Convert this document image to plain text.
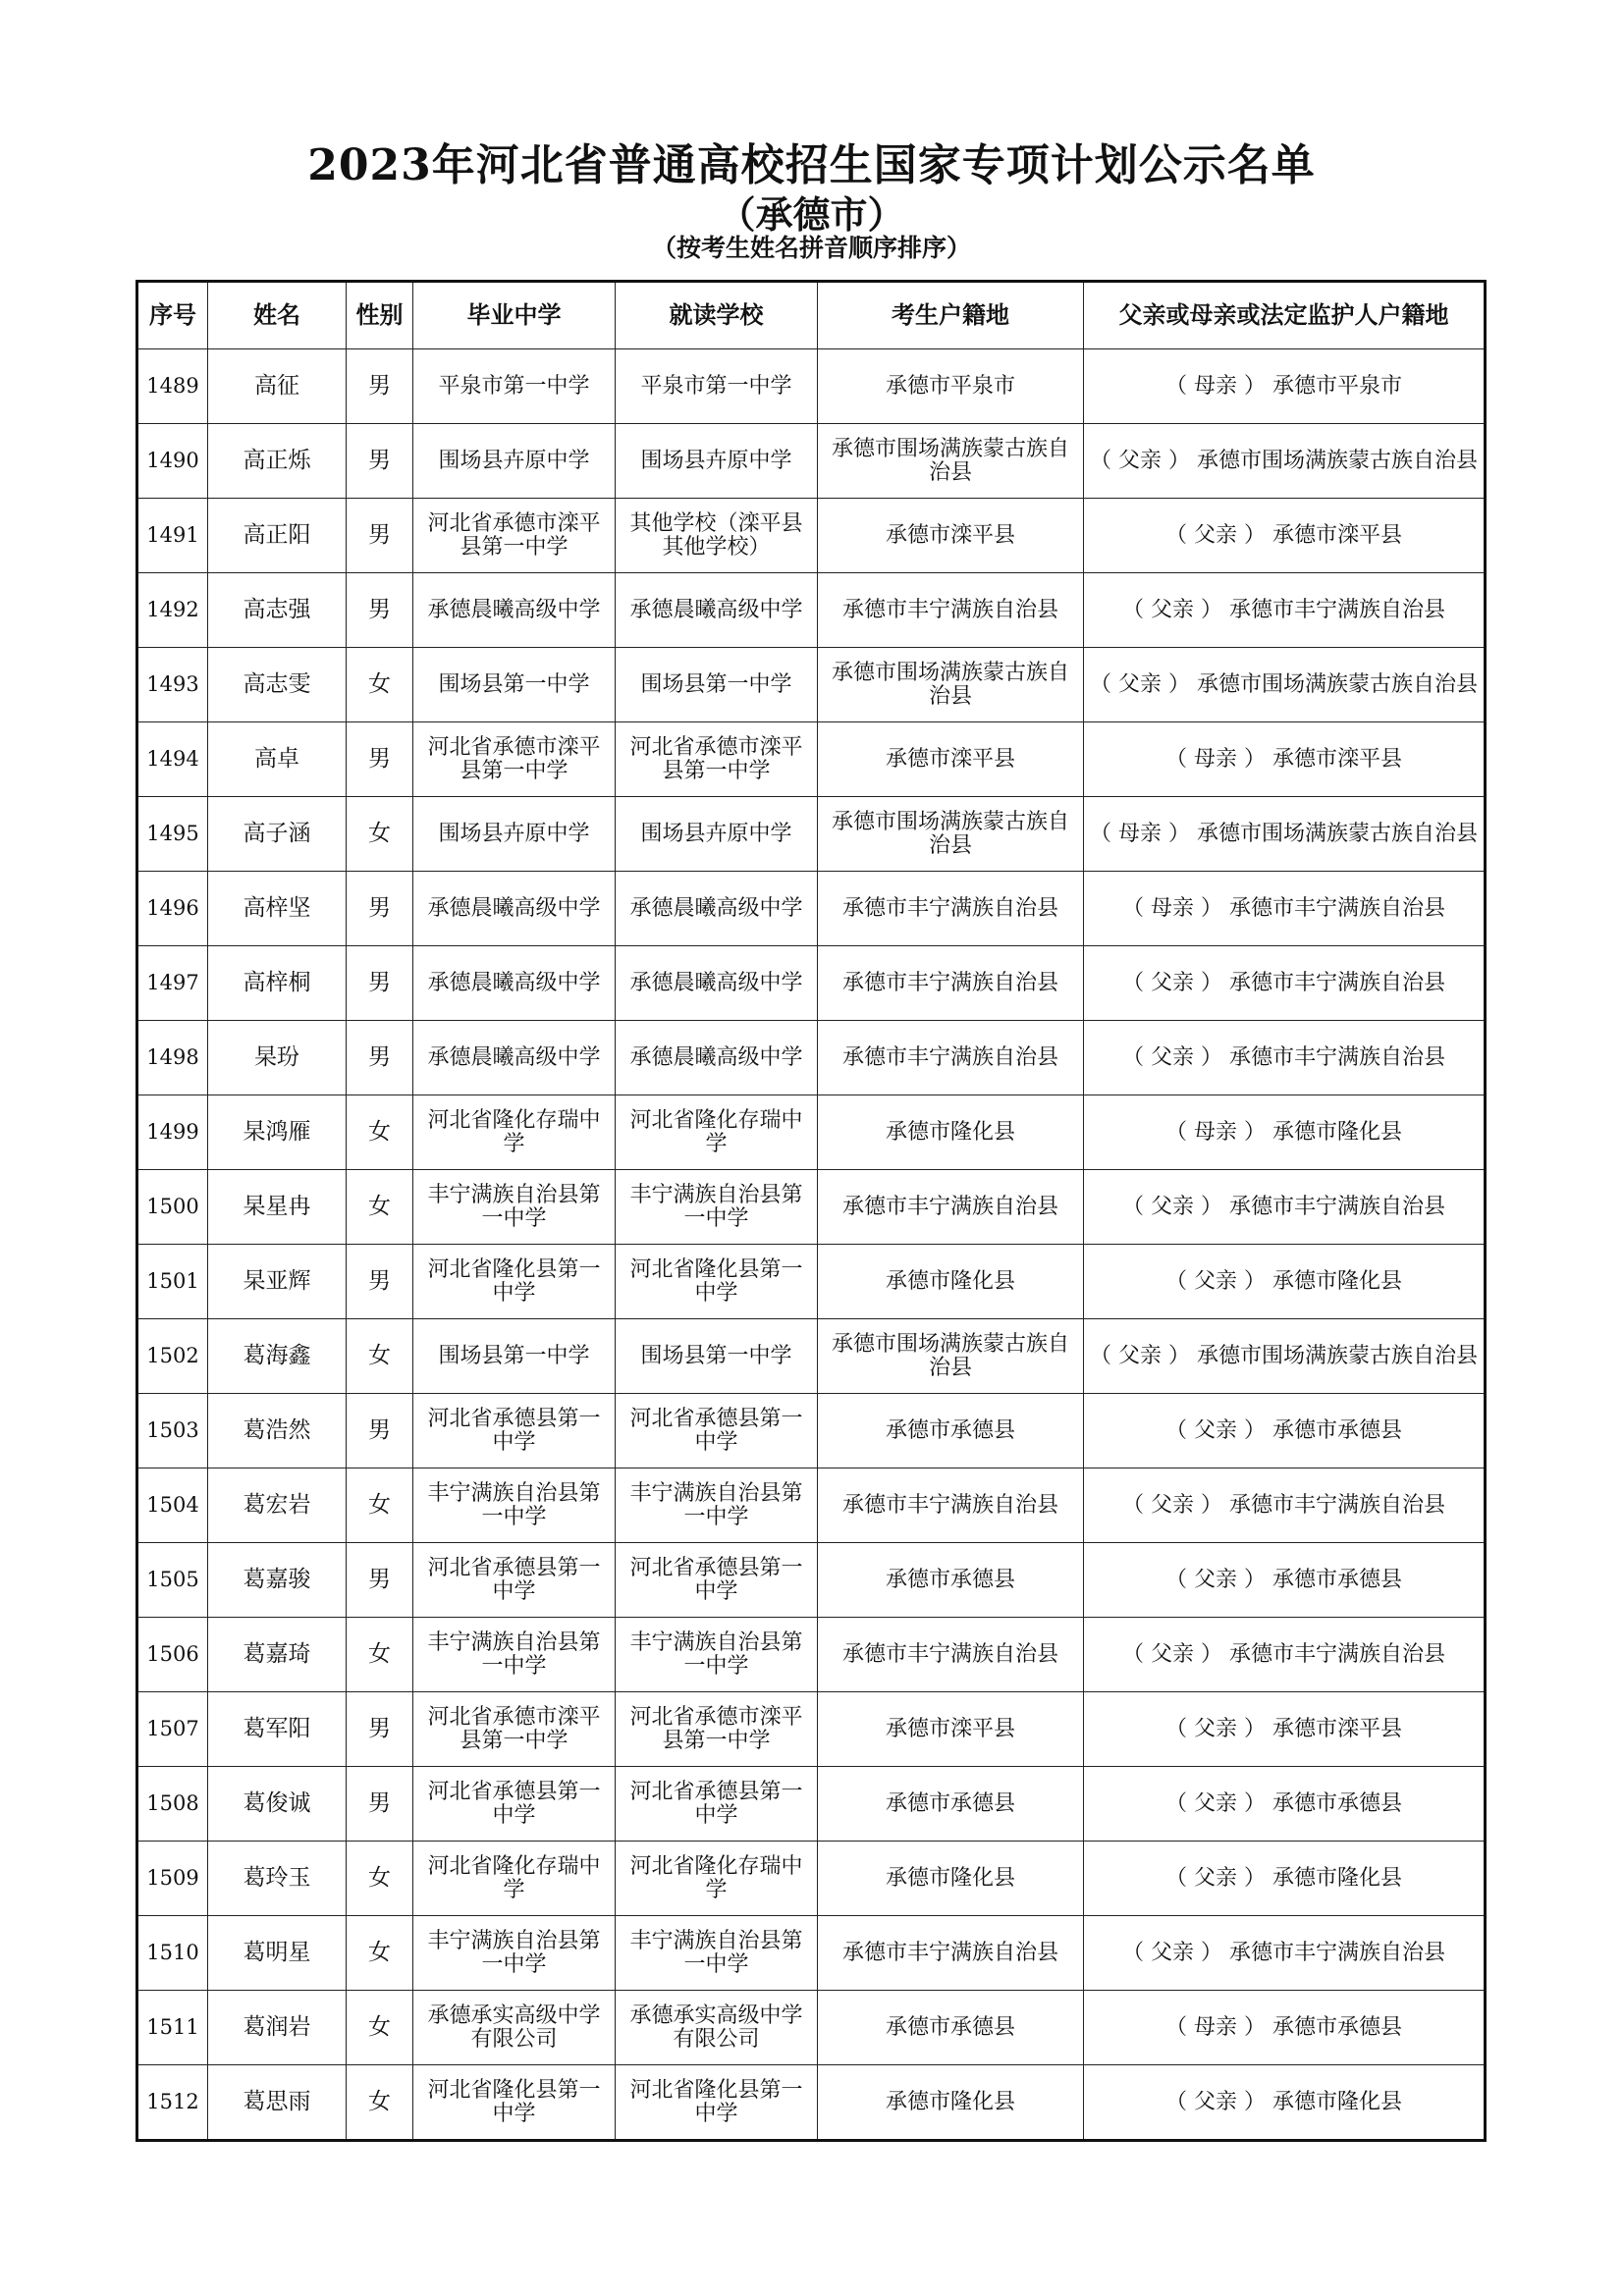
2023年河北省普通高校招生国家专项计划公示名单
（承德市）
（按考生姓名拼音顺序排序）
序号	姓名	性别	毕业中学	就读学校	考生户籍地	父亲或母亲或法定监护人户籍地
1489	高征	男	平泉市第一中学	平泉市第一中学	承德市平泉市	（ 母亲 ） 承德市平泉市
1490	高正烁	男	围场县卉原中学	围场县卉原中学	承德市围场满族蒙古族自治县	（ 父亲 ） 承德市围场满族蒙古族自治县
1491	高正阳	男	河北省承德市滦平县第一中学	其他学校（滦平县其他学校）	承德市滦平县	（ 父亲 ） 承德市滦平县
1492	高志强	男	承德晨曦高级中学	承德晨曦高级中学	承德市丰宁满族自治县	（ 父亲 ） 承德市丰宁满族自治县
1493	高志雯	女	围场县第一中学	围场县第一中学	承德市围场满族蒙古族自治县	（ 父亲 ） 承德市围场满族蒙古族自治县
1494	高卓	男	河北省承德市滦平县第一中学	河北省承德市滦平县第一中学	承德市滦平县	（ 母亲 ） 承德市滦平县
1495	高子涵	女	围场县卉原中学	围场县卉原中学	承德市围场满族蒙古族自治县	（ 母亲 ） 承德市围场满族蒙古族自治县
1496	高梓坚	男	承德晨曦高级中学	承德晨曦高级中学	承德市丰宁满族自治县	（ 母亲 ） 承德市丰宁满族自治县
1497	高梓桐	男	承德晨曦高级中学	承德晨曦高级中学	承德市丰宁满族自治县	（ 父亲 ） 承德市丰宁满族自治县
1498	杲玢	男	承德晨曦高级中学	承德晨曦高级中学	承德市丰宁满族自治县	（ 父亲 ） 承德市丰宁满族自治县
1499	杲鸿雁	女	河北省隆化存瑞中学	河北省隆化存瑞中学	承德市隆化县	（ 母亲 ） 承德市隆化县
1500	杲星冉	女	丰宁满族自治县第一中学	丰宁满族自治县第一中学	承德市丰宁满族自治县	（ 父亲 ） 承德市丰宁满族自治县
1501	杲亚辉	男	河北省隆化县第一中学	河北省隆化县第一中学	承德市隆化县	（ 父亲 ） 承德市隆化县
1502	葛海鑫	女	围场县第一中学	围场县第一中学	承德市围场满族蒙古族自治县	（ 父亲 ） 承德市围场满族蒙古族自治县
1503	葛浩然	男	河北省承德县第一中学	河北省承德县第一中学	承德市承德县	（ 父亲 ） 承德市承德县
1504	葛宏岩	女	丰宁满族自治县第一中学	丰宁满族自治县第一中学	承德市丰宁满族自治县	（ 父亲 ） 承德市丰宁满族自治县
1505	葛嘉骏	男	河北省承德县第一中学	河北省承德县第一中学	承德市承德县	（ 父亲 ） 承德市承德县
1506	葛嘉琦	女	丰宁满族自治县第一中学	丰宁满族自治县第一中学	承德市丰宁满族自治县	（ 父亲 ） 承德市丰宁满族自治县
1507	葛军阳	男	河北省承德市滦平县第一中学	河北省承德市滦平县第一中学	承德市滦平县	（ 父亲 ） 承德市滦平县
1508	葛俊诚	男	河北省承德县第一中学	河北省承德县第一中学	承德市承德县	（ 父亲 ） 承德市承德县
1509	葛玲玉	女	河北省隆化存瑞中学	河北省隆化存瑞中学	承德市隆化县	（ 父亲 ） 承德市隆化县
1510	葛明星	女	丰宁满族自治县第一中学	丰宁满族自治县第一中学	承德市丰宁满族自治县	（ 父亲 ） 承德市丰宁满族自治县
1511	葛润岩	女	承德承实高级中学有限公司	承德承实高级中学有限公司	承德市承德县	（ 母亲 ） 承德市承德县
1512	葛思雨	女	河北省隆化县第一中学	河北省隆化县第一中学	承德市隆化县	（ 父亲 ） 承德市隆化县
